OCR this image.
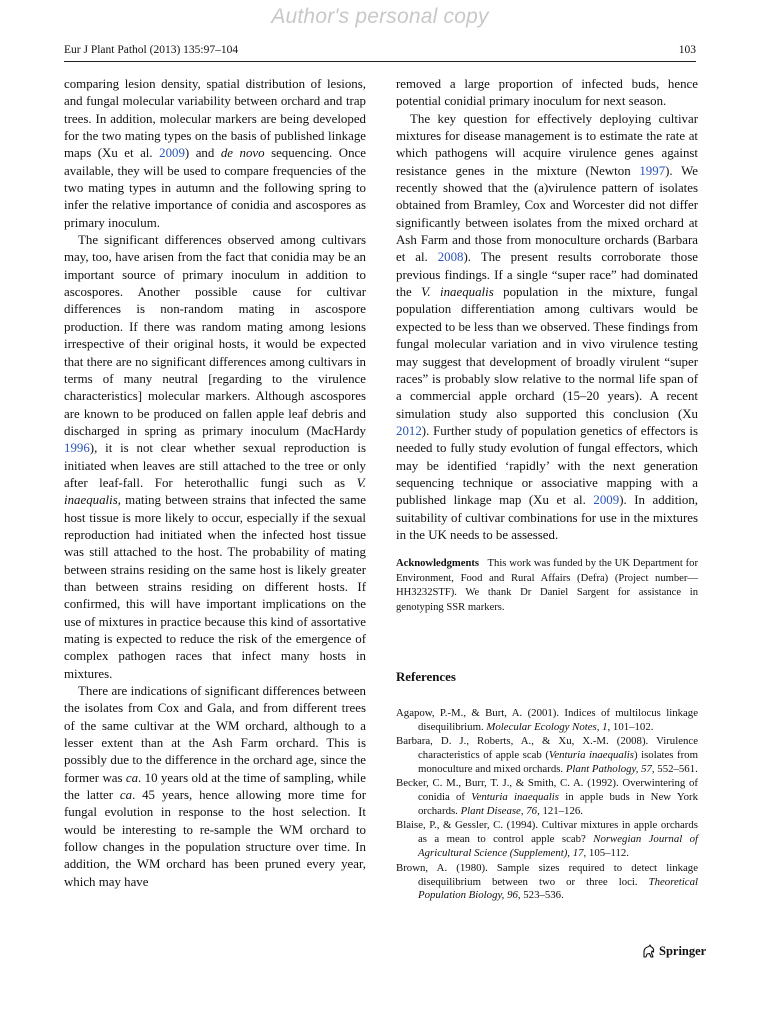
Author's personal copy
Eur J Plant Pathol (2013) 135:97–104	103

comparing lesion density, spatial distribution of lesions, and fungal molecular variability between orchard and trap trees. In addition, molecular markers are being developed for the two mating types on the basis of published linkage maps (Xu et al. 2009) and de novo sequencing. Once available, they will be used to compare frequencies of the two mating types in autumn and the following spring to infer the relative importance of conidia and ascospores as primary inoculum.

The significant differences observed among cultivars may, too, have arisen from the fact that conidia may be an important source of primary inoculum in addition to ascospores. Another possible cause for cultivar differences is non-random mating in ascospore production. If there was random mating among lesions irrespective of their original hosts, it would be expected that there are no significant differences among cultivars in terms of many neutral [regarding to the virulence characteristics] molecular markers. Although ascospores are known to be produced on fallen apple leaf debris and discharged in spring as primary inoculum (MacHardy 1996), it is not clear whether sexual reproduction is initiated when leaves are still attached to the tree or only after leaf-fall. For heterothallic fungi such as V. inaequalis, mating between strains that infected the same host tissue is more likely to occur, especially if the sexual reproduction had initiated when the infected host tissue was still attached to the host. The probability of mating between strains residing on the same host is likely greater than between strains residing on different hosts. If confirmed, this will have important implications on the use of mixtures in practice because this kind of assortative mating is expected to reduce the risk of the emergence of complex pathogen races that infect many hosts in mixtures.

There are indications of significant differences between the isolates from Cox and Gala, and from different trees of the same cultivar at the WM orchard, although to a lesser extent than at the Ash Farm orchard. This is possibly due to the difference in the orchard age, since the former was ca. 10 years old at the time of sampling, while the latter ca. 45 years, hence allowing more time for fungal evolution in response to the host selection. It would be interesting to re-sample the WM orchard to follow changes in the population structure over time. In addition, the WM orchard has been pruned every year, which may have

removed a large proportion of infected buds, hence potential conidial primary inoculum for next season.

The key question for effectively deploying cultivar mixtures for disease management is to estimate the rate at which pathogens will acquire virulence genes against resistance genes in the mixture (Newton 1997). We recently showed that the (a)virulence pattern of isolates obtained from Bramley, Cox and Worcester did not differ significantly between isolates from the mixed orchard at Ash Farm and those from monoculture orchards (Barbara et al. 2008). The present results corroborate those previous findings. If a single “super race” had dominated the V. inaequalis population in the mixture, fungal population differentiation among cultivars would be expected to be less than we observed. These findings from fungal molecular variation and in vivo virulence testing may suggest that development of broadly virulent “super races” is probably slow relative to the normal life span of a commercial apple orchard (15–20 years). A recent simulation study also supported this conclusion (Xu 2012). Further study of population genetics of effectors is needed to fully study evolution of fungal effectors, which may be identified ‘rapidly’ with the next generation sequencing technique or associative mapping with a published linkage map (Xu et al. 2009). In addition, suitability of cultivar combinations for use in the mixtures in the UK needs to be assessed.

Acknowledgments This work was funded by the UK Department for Environment, Food and Rural Affairs (Defra) (Project number—HH3232STF). We thank Dr Daniel Sargent for assistance in genotyping SSR markers.

References

Agapow, P.-M., & Burt, A. (2001). Indices of multilocus linkage disequilibrium. Molecular Ecology Notes, 1, 101–102.

Barbara, D. J., Roberts, A., & Xu, X.-M. (2008). Virulence characteristics of apple scab (Venturia inaequalis) isolates from monoculture and mixed orchards. Plant Pathology, 57, 552–561.

Becker, C. M., Burr, T. J., & Smith, C. A. (1992). Overwintering of conidia of Venturia inaequalis in apple buds in New York orchards. Plant Disease, 76, 121–126.

Blaise, P., & Gessler, C. (1994). Cultivar mixtures in apple orchards as a mean to control apple scab? Norwegian Journal of Agricultural Science (Supplement), 17, 105–112.

Brown, A. (1980). Sample sizes required to detect linkage disequilibrium between two or three loci. Theoretical Population Biology, 96, 523–536.

Springer
